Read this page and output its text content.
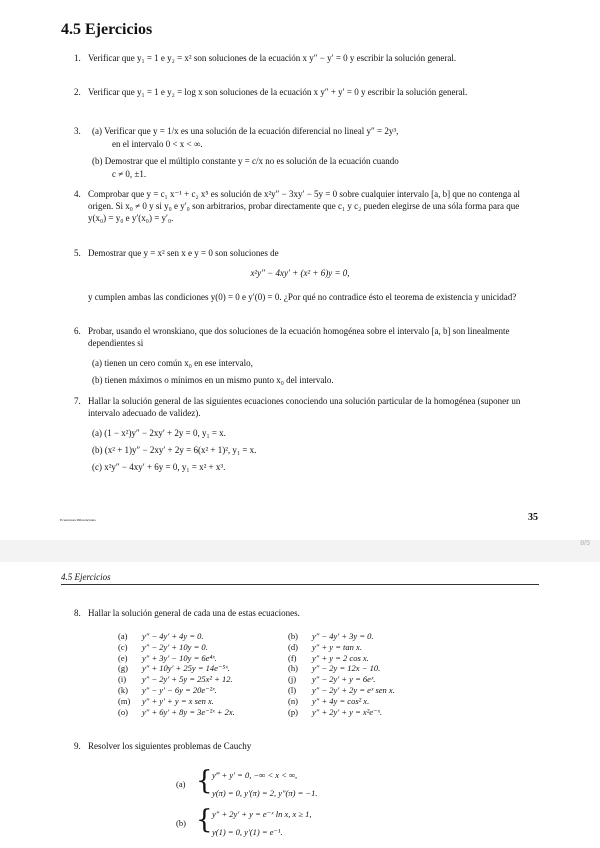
4.5 Ejercicios
1. Verificar que y₁ = 1 e y₂ = x² son soluciones de la ecuación x y″ − y′ = 0 y escribir la solución general.
2. Verificar que y₁ = 1 e y₂ = log x son soluciones de la ecuación x y″ + y′ = 0 y escribir la solución general.
3. (a) Verificar que y = 1/x es una solución de la ecuación diferencial no lineal y″ = 2y³,
en el intervalo 0 < x < ∞.
(b) Demostrar que el múltiplo constante y = c/x no es solución de la ecuación cuando
c ≠ 0, ±1.
4. Comprobar que y = c₁ x⁻¹ + c₂ x⁵ es solución de x²y″ − 3xy′ − 5y = 0 sobre cualquier intervalo [a, b] que no contenga al origen. Si x₀ ≠ 0 y si y₀ e y′₀ son arbitrarios, probar directamente que c₁ y c₂ pueden elegirse de una sóla forma para que y(x₀) = y₀ e y′(x₀) = y′₀.
5. Demostrar que y = x² sen x e y = 0 son soluciones de
x²y″ − 4xy′ + (x² + 6)y = 0,
y cumplen ambas las condiciones y(0) = 0 e y′(0) = 0. ¿Por qué no contradice ésto el teorema de existencia y unicidad?
6. Probar, usando el wronskiano, que dos soluciones de la ecuación homogénea sobre el intervalo [a, b] son linealmente dependientes si
(a) tienen un cero común x₀ en ese intervalo,
(b) tienen máximos o mínimos en un mismo punto x₀ del intervalo.
7. Hallar la solución general de las siguientes ecuaciones conociendo una solución particular de la homogénea (suponer un intervalo adecuado de validez).
(a) (1 − x²)y″ − 2xy′ + 2y = 0, y₁ = x.
(b) (x² + 1)y″ − 2xy′ + 2y = 6(x² + 1)², y₁ = x.
(c) x²y″ − 4xy′ + 6y = 0, y₁ = x² + x³.
Ecuaciones Diferenciales.	35
8/5
4.5 Ejercicios
8. Hallar la solución general de cada una de estas ecuaciones.
(a) y″ − 4y′ + 4y = 0.	(b) y″ − 4y′ + 3y = 0.
(c) y″ − 2y′ + 10y = 0.	(d) y″ + y = tan x.
(e) y″ + 3y′ − 10y = 6e⁴ˣ.	(f) y″ + y = 2 cos x.
(g) y″ + 10y′ + 25y = 14e⁻⁵ˣ.	(h) y″ − 2y = 12x − 10.
(i) y″ − 2y′ + 5y = 25x² + 12.	(j) y″ − 2y′ + y = 6eˣ.
(k) y″ − y′ − 6y = 20e⁻²ˣ.	(l) y″ − 2y′ + 2y = eˣ sen x.
(m) y″ + y′ + y = x sen x.	(n) y″ + 4y = cos² x.
(o) y″ + 6y′ + 8y = 3e⁻²ˣ + 2x.	(p) y″ + 2y′ + y = x²e⁻ˣ.
9. Resolver los siguientes problemas de Cauchy
(a) { y‴ + y′ = 0, −∞ < x < ∞,
y(π) = 0, y′(π) = 2, y″(π) = −1.
(b) { y″ + 2y′ + y = e⁻ˣ ln x, x ≥ 1,
y(1) = 0, y′(1) = e⁻¹.
